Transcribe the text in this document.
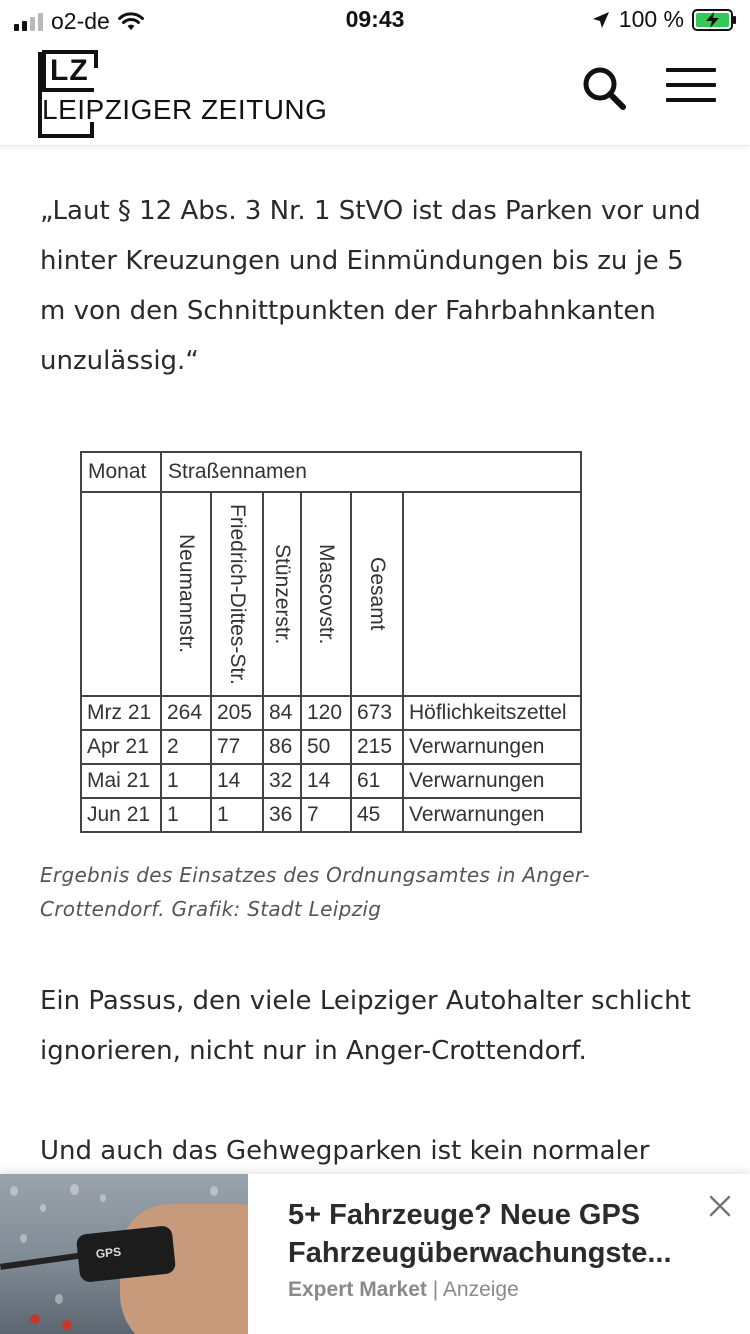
o2-de	09:43	100 %
LZ
LEIPZIGER ZEITUNG

„Laut § 12 Abs. 3 Nr. 1 StVO ist das Parken vor und hinter Kreuzungen und Einmündungen bis zu je 5 m von den Schnittpunkten der Fahrbahnkanten unzulässig.“

Monat	Straßennamen					

	Neumannstr.	Friedrich-Dittes-Str.	Stünzerstr.	Mascovstr.	Gesamt	

Mrz 21	264	205	84	120	673	Höflichkeitszettel
Apr 21	2	77	86	50	215	Verwarnungen
Mai 21	1	14	32	14	61	Verwarnungen
Jun 21	1	1	36	7	45	Verwarnungen

Ergebnis des Einsatzes des Ordnungsamtes in Anger-Crottendorf. Grafik: Stadt Leipzig

Ein Passus, den viele Leipziger Autohalter schlicht ignorieren, nicht nur in Anger-Crottendorf.

Und auch das Gehwegparken ist kein normaler

GPS
5+ Fahrzeuge? Neue GPS
Fahrzeugüberwachungste...
Expert Market | Anzeige
